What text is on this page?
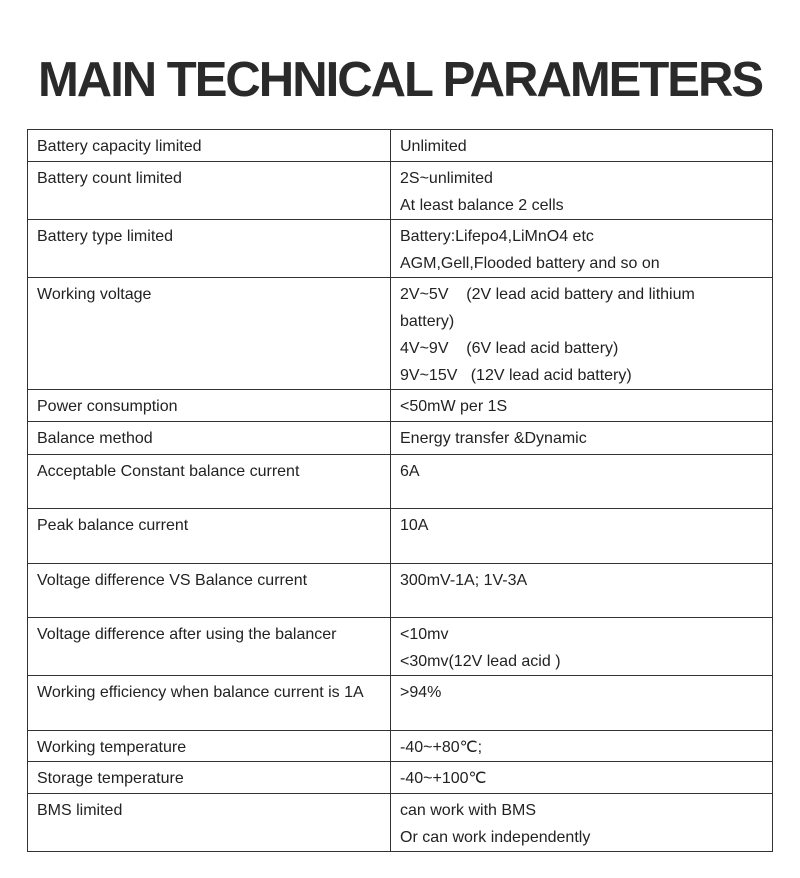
MAIN TECHNICAL PARAMETERS
Battery capacity limited	Unlimited

Battery count limited	2S~unlimited
At least balance 2 cells

Battery type limited	Battery:Lifepo4,LiMnO4 etc
AGM,Gell,Flooded battery and so on

Working voltage	2V~5V    (2V lead acid battery and lithium
battery)
4V~9V    (6V lead acid battery)
9V~15V   (12V lead acid battery)

Power consumption	<50mW per 1S

Balance method	Energy transfer &Dynamic

Acceptable Constant balance current	6A

Peak balance current	10A

Voltage difference VS Balance current	300mV-1A; 1V-3A

Voltage difference after using the balancer	<10mv
<30mv(12V lead acid )

Working efficiency when balance current is 1A	>94%

Working temperature	-40~+80℃;

Storage temperature	-40~+100℃

BMS limited	can work with BMS
Or can work independently
